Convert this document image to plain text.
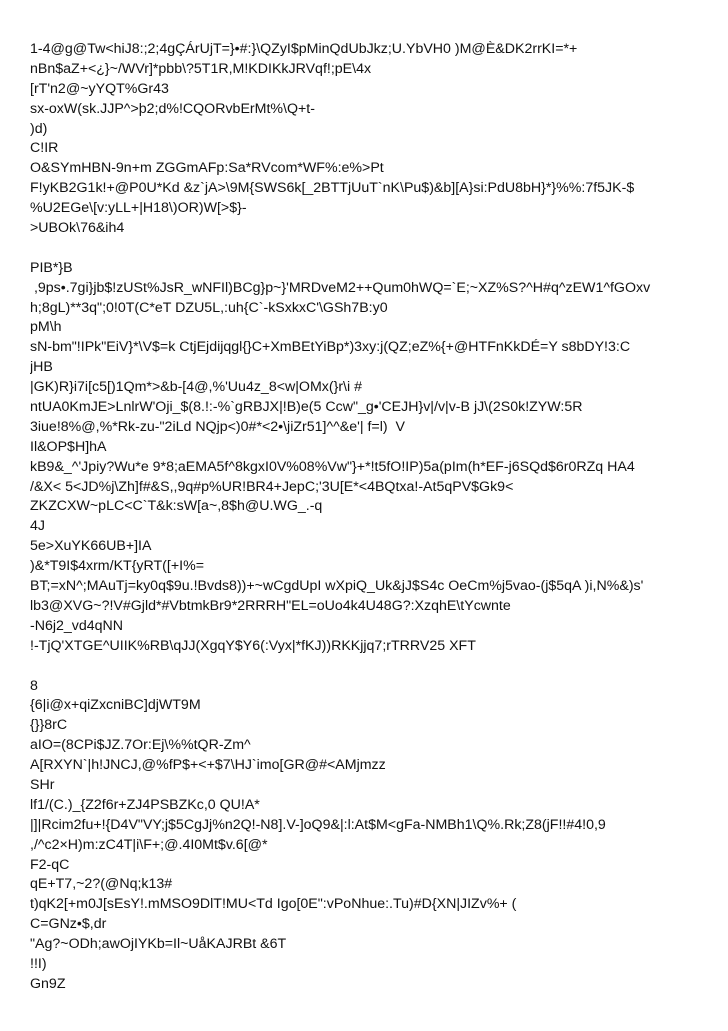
1-4@g@Tw<hiJ8:;2;4gÇÁrUjT=}•#:}\QZyI$pMinQdUbJkz;U.YbVH0 )M@È&DK2rrKI=*+
nBn$aZ+<¿}~/WVr]*pbb\?5T1R,M!KDIKkJRVqf!;pE\4x
[rT'n2@~yYQT%Gr43
sx-oxW(sk.JJP^>þ2;d%!CQORvbErMt%\Q+t-
)d)
C!IR
O&SYmHBN-9n+m ZGGmAFp:Sa*RVcom*WF%:e%>Pt
F!yKB2G1k!+@P0U*Kd &z`jA>\9M{SWS6k[_2BTTjUuT`nK\Pu$)&b][A}si:PdU8bH}*}%%:7f5JK-$
%U2EGe\[v:yLL+|H18\)OR)W[>$}-
>UBOk\76&ih4
PIB*}B
,9ps•.7gi}jb$!zUSt%JsR_wNFIl)BCg}p~}'MRDveM2++Qum0hWQ=`E;~XZ%S?^H#q^zEW1^fGOxv
h;8gL)**3q";0!0T(C*eT DZU5L,:uh{C`-kSxkxC'\GSh7B:y0
pM\h
sN-bm"!IPk"EiV}*\V$=k CtjEjdijqgl{}C+XmBEtYiBp*)3xy:j(QZ;eZ%{+@HTFnKkDÉ=Y s8bDY!3:C
jHB
|GK)R}i7i[c5[)1Qm*>&b-[4@,%'Uu4z_8<w|OMx(}r\i #
ntUA0KmJE>LnlrW'Oji_$(8.!:-%`gRBJX|!B)e(5 Ccw"_g•'CEJH}v|/v|v-B jJ\(2S0k!ZYW:5R
3iue!8%@,%*Rk-zu-"2iLd NQjp<)0#*<2•\jiZr51]^^&e'| f=l)  V
Il&OP$H]hA
kB9&_^'Jpiy?Wu*e 9*8;aEMA5f^8kgxI0V%08%Vw"}+*!t5fO!IP)5a(pIm(h*EF-j6SQd$6r0RZq HA4
/&X< 5<JD%j\Zh]f#&S,,9q#p%UR!BR4+JepC;'3U[E*<4BQtxa!-At5qPV$Gk9<
ZKZCXW~pLC<C`T&k:sW[a~,8$h@U.WG_.-q
4J
5e>XuYK66UB+]IA
)&*T9I$4xrm/KT{yRT([+I%=
BT;=xN^;MAuTj=ky0q$9u.!Bvds8))+~wCgdUpI wXpiQ_Uk&jJ$S4c OeCm%j5vao-(j$5qA )i,N%&)s'
lb3@XVG~?!V#Gjld*#VbtmkBr9*2RRRH"EL=oUo4k4U48G?:XzqhE\tYcwnte
-N6j2_vd4qNN
!-TjQ'XTGE^UIIK%RB\qJJ(XgqY$Y6(:Vyx|*fKJ))RKKjjq7;rTRRV25 XFT
8
{6|i@x+qiZxcniBC]djWT9M
{}}8rC
aIO=(8CPi$JZ.7Or:Ej\%%tQR-Zm^
A[RXYN`|h!JNCJ,@%fP$+<+$7\HJ`imo[GR@#<AMjmzz
SHr
lf1/(C.)_{Z2f6r+ZJ4PSBZKc,0 QU!A*
|]|Rcim2fu+!{D4V"VY;j$5CgJj%n2Q!-N8].V-]oQ9&|:l:At$M<gFa-NMBh1\Q%.Rk;Z8(jF!!#4!0,9
,/^c2×H)m:zC4T|i\F+;@.4I0Mt$v.6[@*
F2-qC
qE+T7,~2?(@Nq;k13#
t)qK2[+m0J[sEsY!.mMSO9DlT!MU<Td Igo[0E":vPoNhue:.Tu)#D{XN|JIZv%+ (
C=GNz•$,dr
"Ag?~ODh;awOjIYKb=Il~UåKAJRBt &6T
!!I)
Gn9Z
